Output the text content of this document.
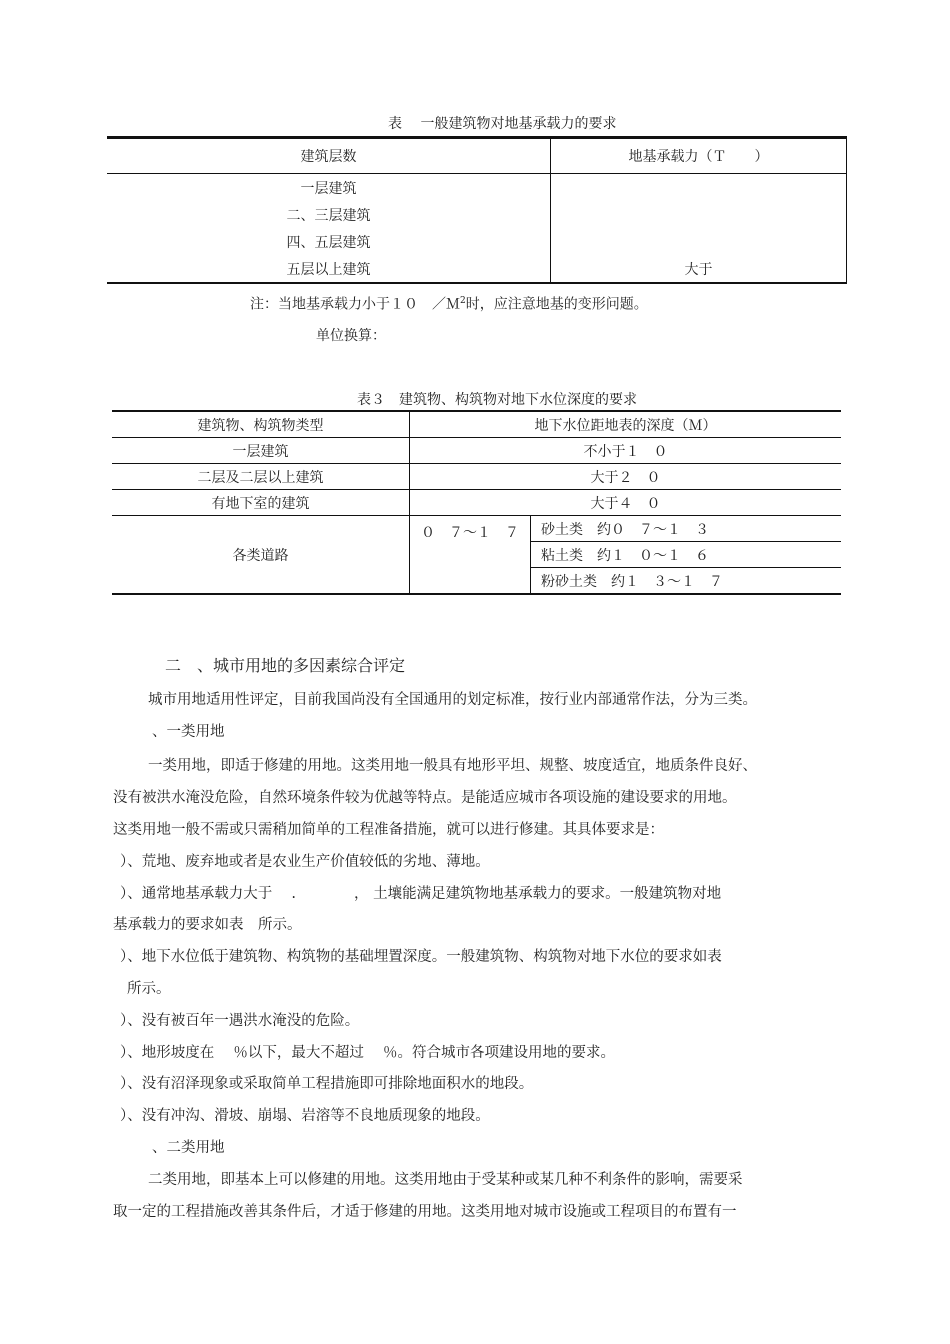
表　 一般建筑物对地基承载力的要求
建筑层数	地基承载力（Ｔ　　）
一层建筑	
二、三层建筑	
四、五层建筑	
五层以上建筑	大于
注：当地基承载力小于１０　／Ｍ$^2$时，应注意地基的变形问题。
单位换算：
表３　建筑物、构筑物对地下水位深度的要求
建筑物、构筑物类型	地下水位距地表的深度（Ｍ）	
一层建筑	不小于１　０	
二层及二层以上建筑	大于２　０	
有地下室的建筑	大于４　０	
各类道路	０　７～１　７	砂土类　约０　７～１　３
		粘土类　约１　０～１　６
		粉砂土类　约１　３～１　７
二　、城市用地的多因素综合评定
城市用地适用性评定，目前我国尚没有全国通用的划定标准，按行业内部通常作法，分为三类。
、一类用地
一类用地，即适于修建的用地。这类用地一般具有地形平坦、规整、坡度适宜，地质条件良好、
没有被洪水淹没危险，自然环境条件较为优越等特点。是能适应城市各项设施的建设要求的用地。
这类用地一般不需或只需稍加简单的工程准备措施，就可以进行修建。其具体要求是：
）、荒地、废弃地或者是农业生产价值较低的劣地、薄地。
）、通常地基承载力大于　 .　　　　， 土壤能满足建筑物地基承载力的要求。一般建筑物对地
基承载力的要求如表　所示。
）、地下水位低于建筑物、构筑物的基础埋置深度。一般建筑物、构筑物对地下水位的要求如表
所示。
）、没有被百年一遇洪水淹没的危险。
）、地形坡度在　 ％以下，最大不超过　 ％。符合城市各项建设用地的要求。
）、没有沼泽现象或采取简单工程措施即可排除地面积水的地段。
）、没有冲沟、滑坡、崩塌、岩溶等不良地质现象的地段。
、二类用地
二类用地，即基本上可以修建的用地。这类用地由于受某种或某几种不利条件的影响，需要采
取一定的工程措施改善其条件后，才适于修建的用地。这类用地对城市设施或工程项目的布置有一
